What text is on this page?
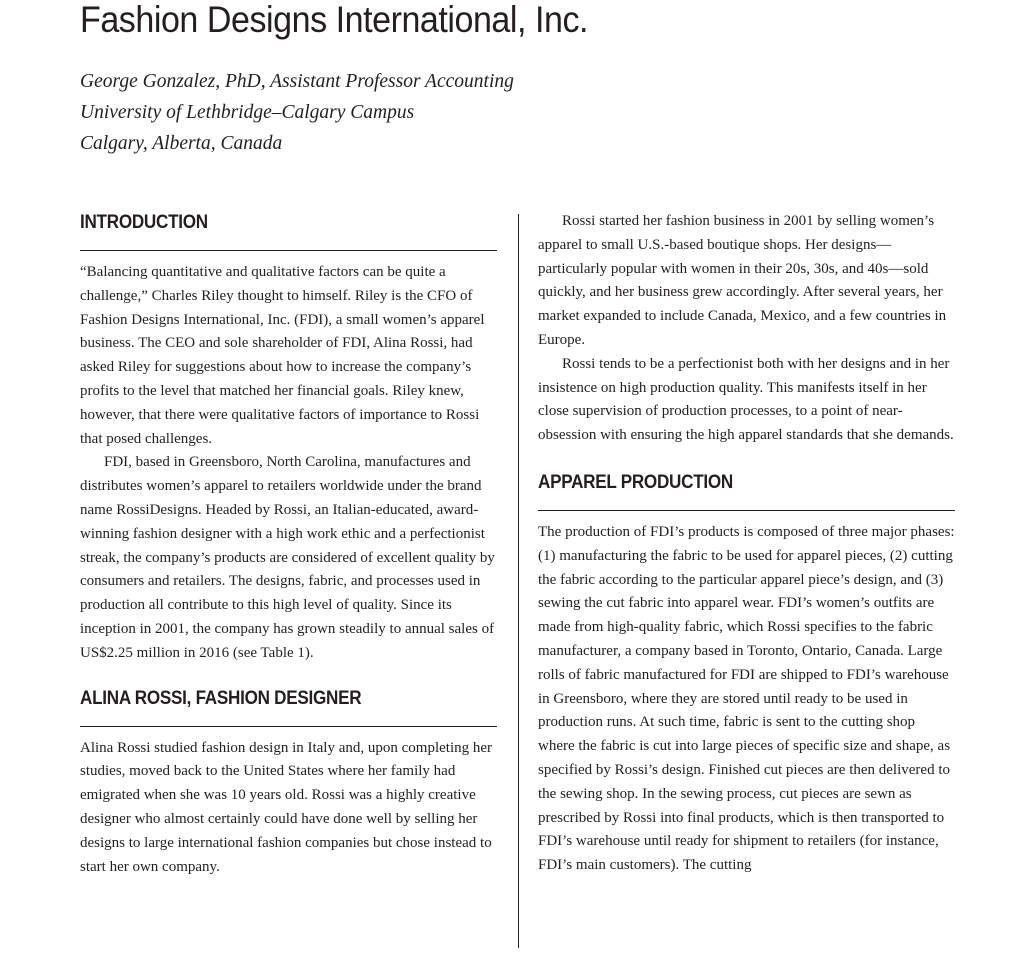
Fashion Designs International, Inc.
George Gonzalez, PhD, Assistant Professor Accounting
University of Lethbridge–Calgary Campus
Calgary, Alberta, Canada
INTRODUCTION

“Balancing quantitative and qualitative factors can be quite a challenge,” Charles Riley thought to himself. Riley is the CFO of Fashion Designs International, Inc. (FDI), a small women’s apparel business. The CEO and sole shareholder of FDI, Alina Rossi, had asked Riley for suggestions about how to increase the company’s profits to the level that matched her financial goals. Riley knew, however, that there were qualitative factors of importance to Rossi that posed challenges.

FDI, based in Greensboro, North Carolina, manufactures and distributes women’s apparel to retailers worldwide under the brand name RossiDesigns. Headed by Rossi, an Italian-educated, award-winning fashion designer with a high work ethic and a perfectionist streak, the company’s products are considered of excellent quality by consumers and retailers. The designs, fabric, and processes used in production all contribute to this high level of quality. Since its inception in 2001, the company has grown steadily to annual sales of US$2.25 million in 2016 (see Table 1).

ALINA ROSSI, FASHION DESIGNER

Alina Rossi studied fashion design in Italy and, upon completing her studies, moved back to the United States where her family had emigrated when she was 10 years old. Rossi was a highly creative designer who almost certainly could have done well by selling her designs to large international fashion companies but chose instead to start her own company.

Rossi started her fashion business in 2001 by selling women’s apparel to small U.S.-based boutique shops. Her designs—particularly popular with women in their 20s, 30s, and 40s—sold quickly, and her business grew accordingly. After several years, her market expanded to include Canada, Mexico, and a few countries in Europe.

Rossi tends to be a perfectionist both with her designs and in her insistence on high production quality. This manifests itself in her close supervision of production processes, to a point of near-obsession with ensuring the high apparel standards that she demands.

APPAREL PRODUCTION

The production of FDI’s products is composed of three major phases: (1) manufacturing the fabric to be used for apparel pieces, (2) cutting the fabric according to the particular apparel piece’s design, and (3) sewing the cut fabric into apparel wear. FDI’s women’s outfits are made from high-quality fabric, which Rossi specifies to the fabric manufacturer, a company based in Toronto, Ontario, Canada. Large rolls of fabric manufactured for FDI are shipped to FDI’s warehouse in Greensboro, where they are stored until ready to be used in production runs. At such time, fabric is sent to the cutting shop where the fabric is cut into large pieces of specific size and shape, as specified by Rossi’s design. Finished cut pieces are then delivered to the sewing shop. In the sewing process, cut pieces are sewn as prescribed by Rossi into final products, which is then transported to FDI’s warehouse until ready for shipment to retailers (for instance, FDI’s main customers). The cutting
